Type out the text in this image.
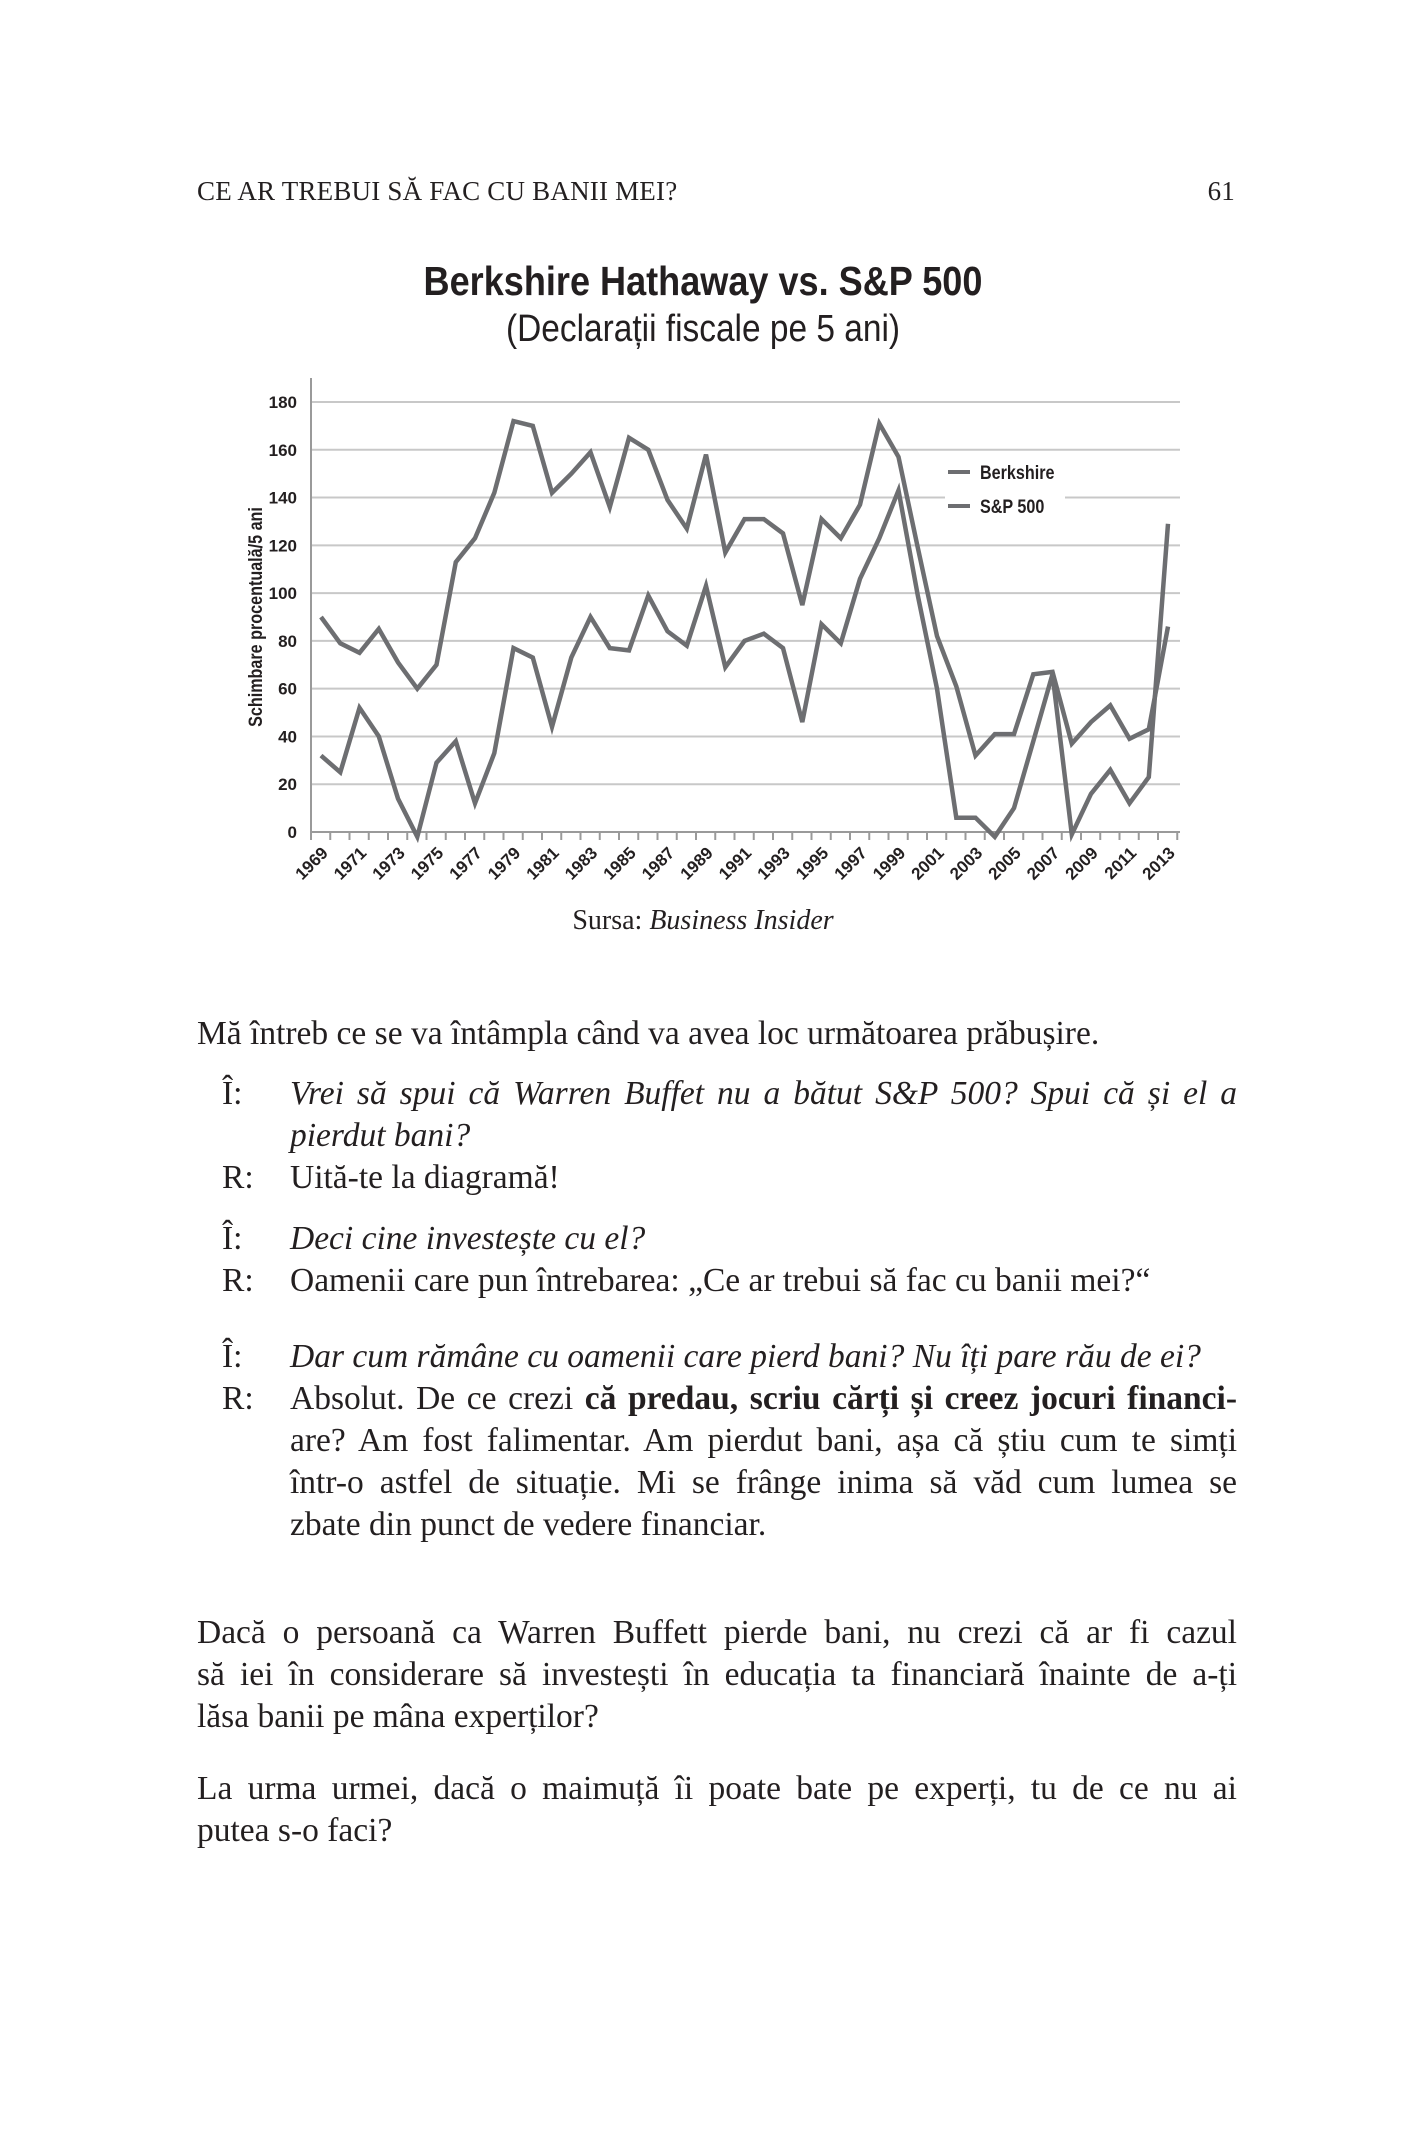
CE AR TREBUI SĂ FAC CU BANII MEI?	61
Berkshire Hathaway vs. S&P 500
(Declarații fiscale pe 5 ani)
0
20
40
60
80
100
120
140
160
180
1969
1971
1973
1975
1977
1979
1981
1983
1985
1987
1989
1991
1993
1995
1997
1999
2001
2003
2005
2007
2009
2011
2013
Schimbare procentuală/5 ani
Berkshire
S&P 500
Sursa: Business Insider
Mă întreb ce se va întâmpla când va avea loc următoarea prăbușire.
Î:	Vrei să spui că Warren Buffet nu a bătut S&P 500? Spui că și el a
pierdut bani?
R:	Uită-te la diagramă!
Î:	Deci cine investește cu el?
R:	Oamenii care pun întrebarea: „Ce ar trebui să fac cu banii mei?“
Î:	Dar cum rămâne cu oamenii care pierd bani? Nu îți pare rău de ei?
R:	Absolut. De ce crezi că predau, scriu cărți și creez jocuri financi-
are? Am fost falimentar. Am pierdut bani, așa că știu cum te simți
într-o astfel de situație. Mi se frânge inima să văd cum lumea se
zbate din punct de vedere financiar.
Dacă o persoană ca Warren Buffett pierde bani, nu crezi că ar fi cazul
să iei în considerare să investești în educația ta financiară înainte de a-ți
lăsa banii pe mâna experților?
La urma urmei, dacă o maimuță îi poate bate pe experți, tu de ce nu ai
putea s-o faci?
